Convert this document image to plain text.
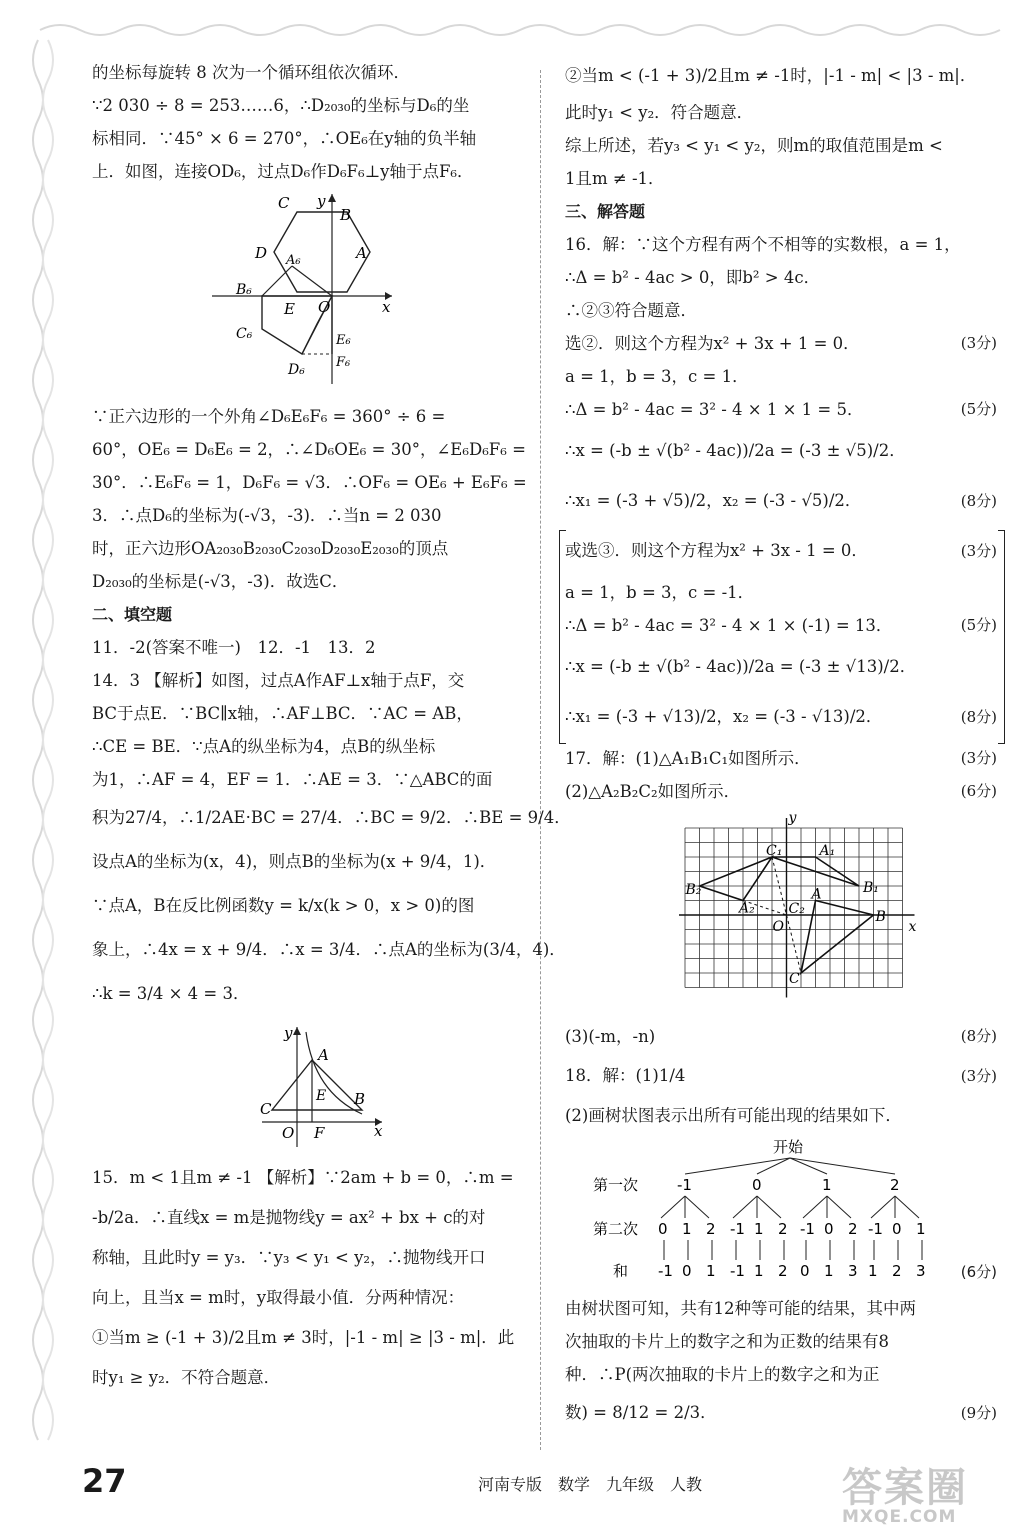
的坐标每旋转 8 次为一个循环组依次循环．
∵2 030 ÷ 8 = 253……6，∴D₂₀₃₀的坐标与D₆的坐
标相同．∵45° × 6 = 270°，∴OE₆在y轴的负半轴
上．如图，连接OD₆，过点D₆作D₆F₆⊥y轴于点F₆．
C y
B
D A₆	A
B₆
E O	x
C₆	E₆
D₆ F₆
∵正六边形的一个外角∠D₆E₆F₆ = 360° ÷ 6 =
60°，OE₆ = D₆E₆ = 2，∴∠D₆OE₆ = 30°，∠E₆D₆F₆ =
30°．∴E₆F₆ = 1，D₆F₆ = √3．∴OF₆ = OE₆ + E₆F₆ =
3．∴点D₆的坐标为(-√3，-3)．∴当n = 2 030
时，正六边形OA₂₀₃₀B₂₀₃₀C₂₀₃₀D₂₀₃₀E₂₀₃₀的顶点
D₂₀₃₀的坐标是(-√3，-3)．故选C．
二、填空题
11．-2(答案不唯一)　12．-1　13．2
14．3 【解析】如图，过点A作AF⊥x轴于点F，交
BC于点E．∵BC∥x轴，∴AF⊥BC．∵AC = AB，
∴CE = BE．∵点A的纵坐标为4，点B的纵坐标
为1，∴AF = 4，EF = 1．∴AE = 3．∵△ABC的面
积为27/4，∴1/2AE·BC = 27/4．∴BC = 9/2．∴BE = 9/4．
设点A的坐标为(x，4)，则点B的坐标为(x + 9/4，1)．
∵点A，B在反比例函数y = k/x(k > 0，x > 0)的图
象上，∴4x = x + 9/4．∴x = 3/4．∴点A的坐标为(3/4，4)．
∴k = 3/4 × 4 = 3．
y
A
E B
C
O F	x
15．m < 1且m ≠ -1 【解析】∵2am + b = 0，∴m =
-b/2a．∴直线x = m是抛物线y = ax² + bx + c的对
称轴，且此时y = y₃．∵y₃ < y₁ < y₂，∴抛物线开口
向上，且当x = m时，y取得最小值．分两种情况：
①当m ≥ (-1 + 3)/2且m ≠ 3时，|-1 - m| ≥ |3 - m|．此
时y₁ ≥ y₂．不符合题意．
②当m < (-1 + 3)/2且m ≠ -1时，|-1 - m| < |3 - m|．
此时y₁ < y₂．符合题意．
综上所述，若y₃ < y₁ < y₂，则m的取值范围是m <
1且m ≠ -1．
三、解答题
16．解：∵这个方程有两个不相等的实数根，a = 1，
∴Δ = b² - 4ac > 0，即b² > 4c．
∴②③符合题意．
选②．则这个方程为x² + 3x + 1 = 0．	(3分)
a = 1，b = 3，c = 1．
∴Δ = b² - 4ac = 3² - 4 × 1 × 1 = 5．	(5分)
∴x = (-b ± √(b² - 4ac))/2a = (-3 ± √5)/2．
∴x₁ = (-3 + √5)/2，x₂ = (-3 - √5)/2．	(8分)
或选③．则这个方程为x² + 3x - 1 = 0．	(3分)
a = 1，b = 3，c = -1．
∴Δ = b² - 4ac = 3² - 4 × 1 × (-1) = 13．	(5分)
∴x = (-b ± √(b² - 4ac))/2a = (-3 ± √13)/2．
∴x₁ = (-3 + √13)/2，x₂ = (-3 - √13)/2．	(8分)
17．解：(1)△A₁B₁C₁如图所示．	(3分)
(2)△A₂B₂C₂如图所示．	(6分)
y
C₁	A₁
B₁
B₂
A₂ C₂
O	x
A
B
C
(3)(-m，-n)	(8分)
18．解：(1)1/4	(3分)
(2)画树状图表示出所有可能出现的结果如下．
开始
第一次	-1	0	1	2
第二次
和
0 1 2 -1 1 2 -1 0 2 -1 0 1
-1 0 1 -1 1 2 0 1 3 1 2 3 (6分)
由树状图可知，共有12种等可能的结果，其中两
次抽取的卡片上的数字之和为正数的结果有8
种．∴P(两次抽取的卡片上的数字之和为正
数) = 8/12 = 2/3．	(9分)
27	河南专版　数学　九年级　人教	答案圈
MXQE.COM
